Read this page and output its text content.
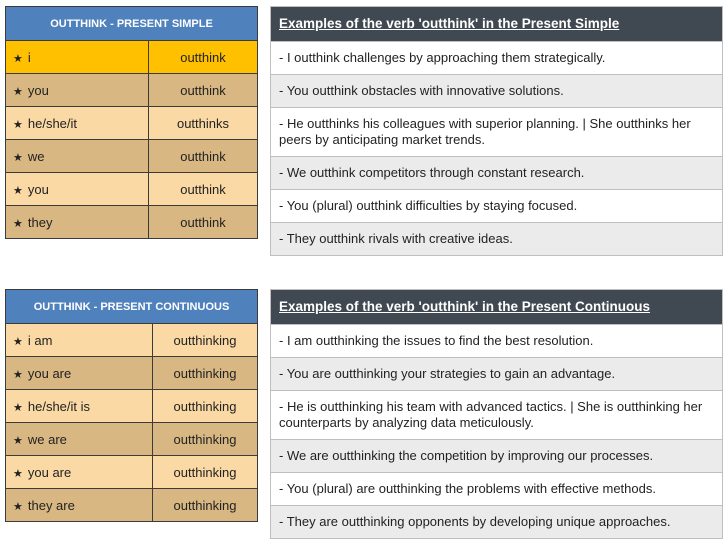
OUTTHINK - PRESENT SIMPLE	
★ i	outthink
★ you	outthink
★ he/she/it	outthinks
★ we	outthink
★ you	outthink
★ they	outthink
Examples of the verb 'outthink' in the Present Simple
- I outthink challenges by approaching them strategically.
- You outthink obstacles with innovative solutions.
- He outthinks his colleagues with superior planning. | She outthinks her peers by anticipating market trends.
- We outthink competitors through constant research.
- You (plural) outthink difficulties by staying focused.
- They outthink rivals with creative ideas.
OUTTHINK - PRESENT CONTINUOUS	
★ i am	outthinking
★ you are	outthinking
★ he/she/it is	outthinking
★ we are	outthinking
★ you are	outthinking
★ they are	outthinking
Examples of the verb 'outthink' in the Present Continuous
- I am outthinking the issues to find the best resolution.
- You are outthinking your strategies to gain an advantage.
- He is outthinking his team with advanced tactics. | She is outthinking her counterparts by analyzing data meticulously.
- We are outthinking the competition by improving our processes.
- You (plural) are outthinking the problems with effective methods.
- They are outthinking opponents by developing unique approaches.
